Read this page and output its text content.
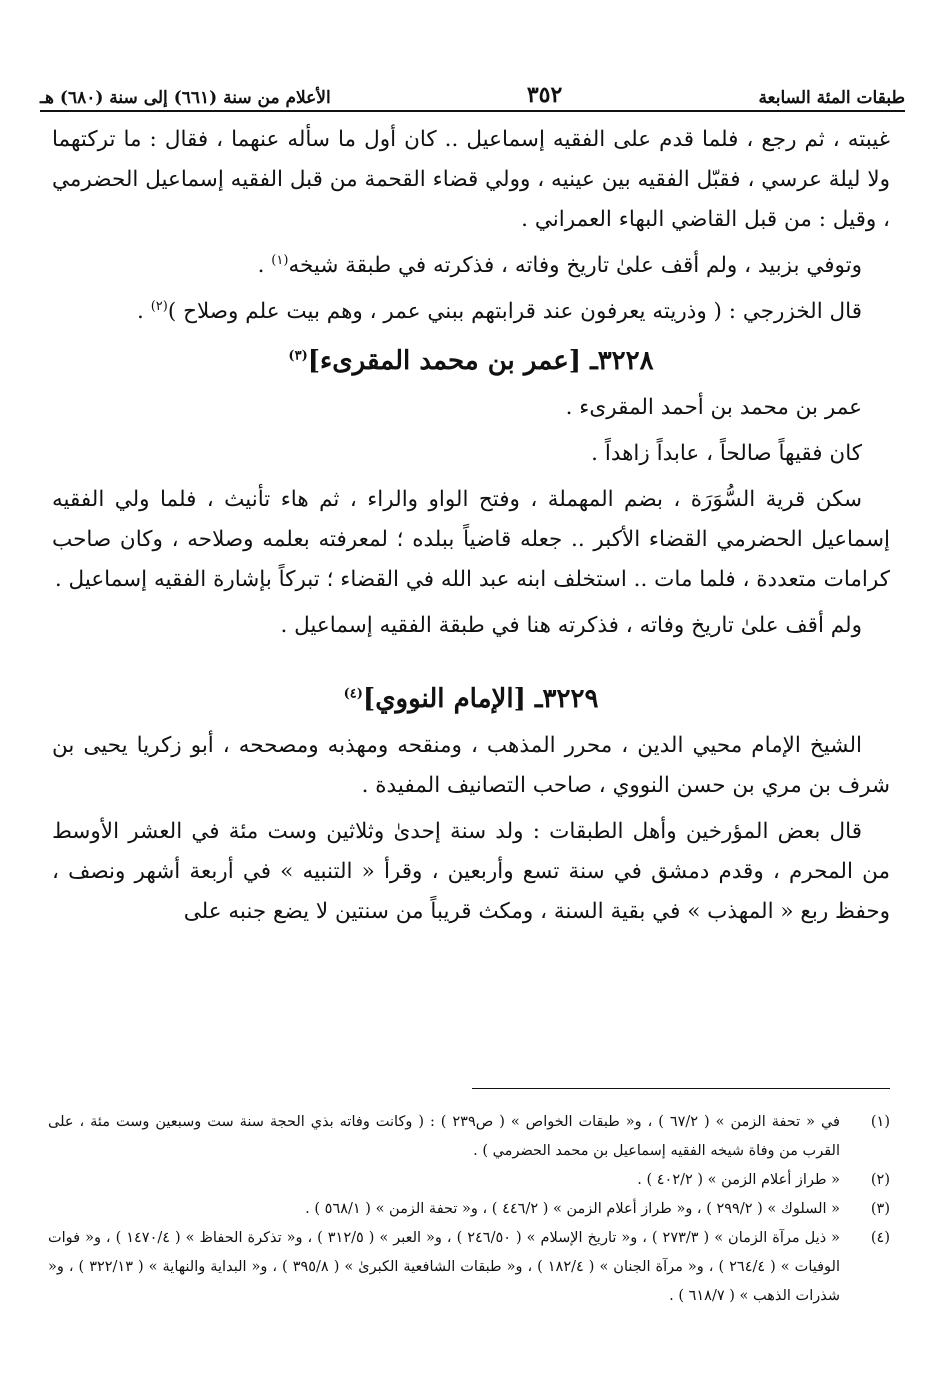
طبقات المئة السابعة
٣٥٢
الأعلام من سنة (٦٦١) إلى سنة (٦٨٠) هـ

غيبته ، ثم رجع ، فلما قدم على الفقيه إسماعيل .. كان أول ما سأله عنهما ، فقال : ما تركتهما ولا ليلة عرسي ، فقبّل الفقيه بين عينيه ، وولي قضاء القحمة من قبل الفقيه إسماعيل الحضرمي ، وقيل : من قبل القاضي البهاء العمراني .

وتوفي بزبيد ، ولم أقف علىٰ تاريخ وفاته ، فذكرته في طبقة شيخه$^{(١)}$ .

قال الخزرجي : ( وذريته يعرفون عند قرابتهم ببني عمر ، وهم بيت علم وصلاح )$^{(٢)}$ .

٣٢٢٨ـ [عمر بن محمد المقرىء]$^{(٣)}$

عمر بن محمد بن أحمد المقرىء .

كان فقيهاً صالحاً ، عابداً زاهداً .

سكن قرية السُّوَرَة ، بضم المهملة ، وفتح الواو والراء ، ثم هاء تأنيث ، فلما ولي الفقيه إسماعيل الحضرمي القضاء الأكبر .. جعله قاضياً ببلده ؛ لمعرفته بعلمه وصلاحه ، وكان صاحب كرامات متعددة ، فلما مات .. استخلف ابنه عبد الله في القضاء ؛ تبركاً بإشارة الفقيه إسماعيل .

ولم أقف علىٰ تاريخ وفاته ، فذكرته هنا في طبقة الفقيه إسماعيل .

٣٢٢٩ـ [الإمام النووي]$^{(٤)}$

الشيخ الإمام محيي الدين ، محرر المذهب ، ومنقحه ومهذبه ومصححه ، أبو زكريا يحيى بن شرف بن مري بن حسن النووي ، صاحب التصانيف المفيدة .

قال بعض المؤرخين وأهل الطبقات : ولد سنة إحدىٰ وثلاثين وست مئة في العشر الأوسط من المحرم ، وقدم دمشق في سنة تسع وأربعين ، وقرأ « التنبيه » في أربعة أشهر ونصف ، وحفظ ربع « المهذب » في بقية السنة ، ومكث قريباً من سنتين لا يضع جنبه على

(١)
في « تحفة الزمن » ( ٦٧/٢ ) ، و« طبقات الخواص » ( ص٢٣٩ ) : ( وكانت وفاته بذي الحجة سنة ست وسبعين وست مئة ، على القرب من وفاة شيخه الفقيه إسماعيل بن محمد الحضرمي ) .
(٢)
« طراز أعلام الزمن » ( ٤٠٢/٢ ) .
(٣)
« السلوك » ( ٢٩٩/٢ ) ، و« طراز أعلام الزمن » ( ٤٤٦/٢ ) ، و« تحفة الزمن » ( ٥٦٨/١ ) .
(٤)
« ذيل مرآة الزمان » ( ٢٧٣/٣ ) ، و« تاريخ الإسلام » ( ٢٤٦/٥٠ ) ، و« العبر » ( ٣١٢/٥ ) ، و« تذكرة الحفاظ » ( ١٤٧٠/٤ ) ، و« فوات الوفيات » ( ٢٦٤/٤ ) ، و« مرآة الجنان » ( ١٨٢/٤ ) ، و« طبقات الشافعية الكبرىٰ » ( ٣٩٥/٨ ) ، و« البداية والنهاية » ( ٣٢٢/١٣ ) ، و« شذرات الذهب » ( ٦١٨/٧ ) .
